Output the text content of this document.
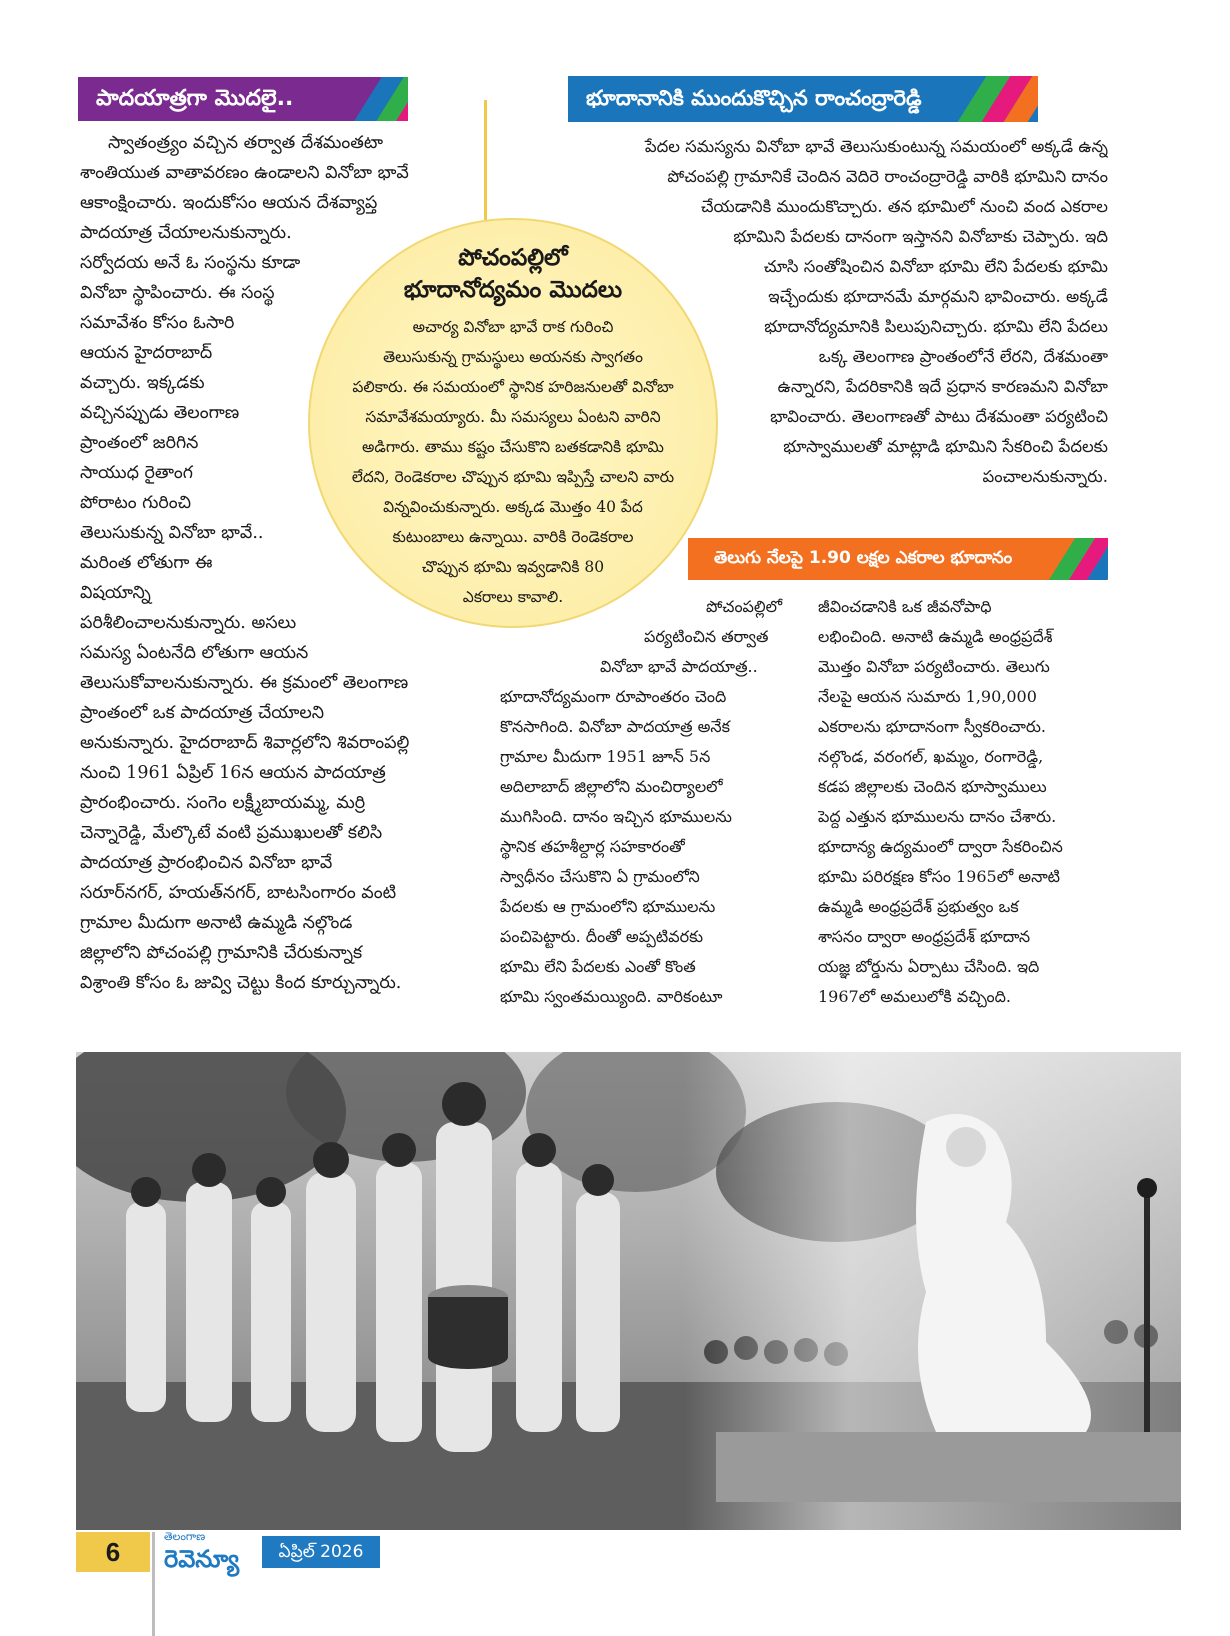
పాదయాత్రగా మొదలై..	భూదానానికి ముందుకొచ్చిన రాంచంద్రారెడ్డి
స్వాతంత్ర్యం వచ్చిన తర్వాత దేశమంతటా
శాంతియుత వాతావరణం ఉండాలని వినోబా భావే
ఆకాంక్షించారు. ఇందుకోసం ఆయన దేశవ్యాప్త
పాదయాత్ర చేయాలనుకున్నారు.
సర్వోదయ అనే ఓ సంస్థను కూడా
వినోబా స్థాపించారు. ఈ సంస్థ
సమావేశం కోసం ఓసారి
ఆయన హైదరాబాద్
వచ్చారు. ఇక్కడకు
వచ్చినప్పుడు తెలంగాణ
ప్రాంతంలో జరిగిన
సాయుధ రైతాంగ
పోరాటం గురించి
తెలుసుకున్న వినోబా భావే..
మరింత లోతుగా ఈ
విషయాన్ని
పరిశీలించాలనుకున్నారు. అసలు
సమస్య ఏంటనేది లోతుగా ఆయన
తెలుసుకోవాలనుకున్నారు. ఈ క్రమంలో తెలంగాణ
ప్రాంతంలో ఒక పాదయాత్ర చేయాలని
అనుకున్నారు. హైదరాబాద్ శివార్లలోని శివరాంపల్లి
నుంచి 1961 ఏప్రిల్ 16న ఆయన పాదయాత్ర
ప్రారంభించారు. సంగెం లక్ష్మీబాయమ్మ, మర్రి
చెన్నారెడ్డి, మేల్కొటే వంటి ప్రముఖులతో కలిసి
పాదయాత్ర ప్రారంభించిన వినోబా భావే
సరూర్‌నగర్, హయత్‌నగర్, బాటసింగారం వంటి
గ్రామాల మీదుగా అనాటి ఉమ్మడి నల్గొండ
జిల్లాలోని పోచంపల్లి గ్రామానికి చేరుకున్నాక
విశ్రాంతి కోసం ఓ జువ్వి చెట్టు కింద కూర్చున్నారు.
పోచంపల్లిలో
భూదానోద్యమం మొదలు
అచార్య వినోబా భావే రాక గురించి
తెలుసుకున్న గ్రామస్థులు అయనకు స్వాగతం
పలికారు. ఈ సమయంలో స్థానిక హరిజనులతో వినోబా
సమావేశమయ్యారు. మీ సమస్యలు ఏంటని వారిని
అడిగారు. తాము కష్టం చేసుకొని బతకడానికి భూమి
లేదని, రెండెకరాల చొప్పున భూమి ఇప్పిస్తే చాలని వారు
విన్నవించుకున్నారు. అక్కడ మొత్తం 40 పేద
కుటుంబాలు ఉన్నాయి. వారికి రెండెకరాల
చొప్పున భూమి ఇవ్వడానికి 80
ఎకరాలు కావాలి.
పేదల సమస్యను వినోబా భావే తెలుసుకుంటున్న సమయంలో అక్కడే ఉన్న
పోచంపల్లి గ్రామానికే చెందిన వెదిరె రాంచంద్రారెడ్డి వారికి భూమిని దానం
చేయడానికి ముందుకొచ్చారు. తన భూమిలో నుంచి వంద ఎకరాల
భూమిని పేదలకు దానంగా ఇస్తానని వినోబాకు చెప్పారు. ఇది
చూసి సంతోషించిన వినోబా భూమి లేని పేదలకు భూమి
ఇచ్చేందుకు భూదానమే మార్గమని భావించారు. అక్కడే
భూదానోద్యమానికి పిలుపునిచ్చారు. భూమి లేని పేదలు
ఒక్క తెలంగాణ ప్రాంతంలోనే లేరని, దేశమంతా
ఉన్నారని, పేదరికానికి ఇదే ప్రధాన కారణమని వినోబా
భావించారు. తెలంగాణతో పాటు దేశమంతా పర్యటించి
భూస్వాములతో మాట్లాడి భూమిని సేకరించి పేదలకు
పంచాలనుకున్నారు.
తెలుగు నేలపై 1.90 లక్షల ఎకరాల భూదానం
పోచంపల్లిలో
పర్యటించిన తర్వాత
వినోబా భావే పాదయాత్ర..
భూదానోద్యమంగా రూపాంతరం చెంది
కొనసాగింది. వినోబా పాదయాత్ర అనేక
గ్రామాల మీదుగా 1951 జూన్ 5న
అదిలాబాద్ జిల్లాలోని మంచిర్యాలలో
ముగిసింది. దానం ఇచ్చిన భూములను
స్థానిక తహశీల్దార్ల సహకారంతో
స్వాధీనం చేసుకొని ఏ గ్రామంలోని
పేదలకు ఆ గ్రామంలోని భూములను
పంచిపెట్టారు. దీంతో అప్పటివరకు
భూమి లేని పేదలకు ఎంతో కొంత
భూమి స్వంతమయ్యింది. వారికంటూ
జీవించడానికి ఒక జీవనోపాధి
లభించింది. అనాటి ఉమ్మడి అంధ్రప్రదేశ్
మొత్తం వినోబా పర్యటించారు. తెలుగు
నేలపై ఆయన సుమారు 1,90,000
ఎకరాలను భూదానంగా స్వీకరించారు.
నల్గొండ, వరంగల్, ఖమ్మం, రంగారెడ్డి,
కడప జిల్లాలకు చెందిన భూస్వాములు
పెద్ద ఎత్తున భూములను దానం చేశారు.
భూదాన్య ఉద్యమంలో ద్వారా సేకరించిన
భూమి పరిరక్షణ కోసం 1965లో అనాటి
ఉమ్మడి అంధ్రప్రదేశ్ ప్రభుత్వం ఒక
శాసనం ద్వారా అంధ్రప్రదేశ్ భూదాన
యజ్ఞ బోర్డును ఏర్పాటు చేసింది. ఇది
1967లో అమలులోకి వచ్చింది.
6
తెలంగాణ
రెవెన్యూ	ఏప్రిల్ 2026
